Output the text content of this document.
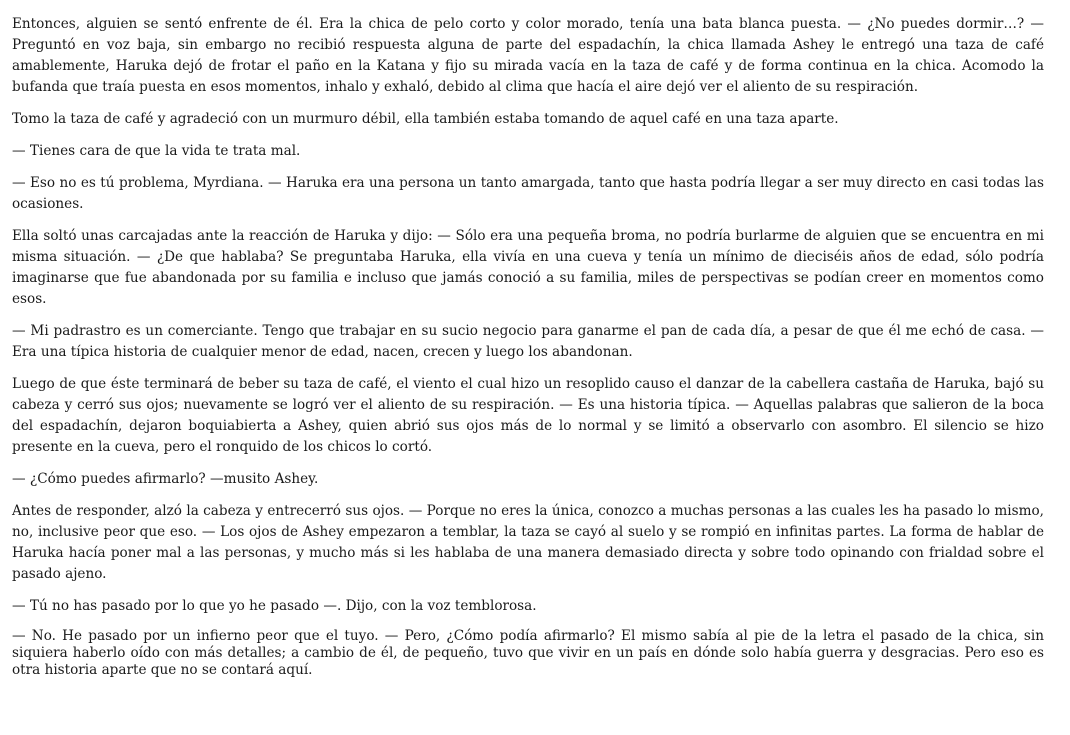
Entonces, alguien se sentó enfrente de él. Era la chica de pelo corto y color morado, tenía una bata blanca puesta. — ¿No puedes dormir…? — Preguntó en voz baja, sin embargo no recibió respuesta alguna de parte del espadachín, la chica llamada Ashey le entregó una taza de café amablemente, Haruka dejó de frotar el paño en la Katana y fijo su mirada vacía en la taza de café y de forma continua en la chica. Acomodo la bufanda que traía puesta en esos momentos, inhalo y exhaló, debido al clima que hacía el aire dejó ver el aliento de su respiración.

Tomo la taza de café y agradeció con un murmuro débil, ella también estaba tomando de aquel café en una taza aparte.

— Tienes cara de que la vida te trata mal.

— Eso no es tú problema, Myrdiana. — Haruka era una persona un tanto amargada, tanto que hasta podría llegar a ser muy directo en casi todas las ocasiones.

Ella soltó unas carcajadas ante la reacción de Haruka y dijo: — Sólo era una pequeña broma, no podría burlarme de alguien que se encuentra en mi misma situación. — ¿De que hablaba? Se preguntaba Haruka, ella vivía en una cueva y tenía un mínimo de dieciséis años de edad, sólo podría imaginarse que fue abandonada por su familia e incluso que jamás conoció a su familia, miles de perspectivas se podían creer en momentos como esos.

— Mi padrastro es un comerciante. Tengo que trabajar en su sucio negocio para ganarme el pan de cada día, a pesar de que él me echó de casa. — Era una típica historia de cualquier menor de edad, nacen, crecen y luego los abandonan.

Luego de que éste terminará de beber su taza de café, el viento el cual hizo un resoplido causo el danzar de la cabellera castaña de Haruka, bajó su cabeza y cerró sus ojos; nuevamente se logró ver el aliento de su respiración. — Es una historia típica. — Aquellas palabras que salieron de la boca del espadachín, dejaron boquiabierta a Ashey, quien abrió sus ojos más de lo normal y se limitó a observarlo con asombro. El silencio se hizo presente en la cueva, pero el ronquido de los chicos lo cortó.

— ¿Cómo puedes afirmarlo? —musito Ashey.

Antes de responder, alzó la cabeza y entrecerró sus ojos. — Porque no eres la única, conozco a muchas personas a las cuales les ha pasado lo mismo, no, inclusive peor que eso. — Los ojos de Ashey empezaron a temblar, la taza se cayó al suelo y se rompió en infinitas partes. La forma de hablar de Haruka hacía poner mal a las personas, y mucho más si les hablaba de una manera demasiado directa y sobre todo opinando con frialdad sobre el pasado ajeno.

— Tú no has pasado por lo que yo he pasado —. Dijo, con la voz temblorosa.

— No. He pasado por un infierno peor que el tuyo. — Pero, ¿Cómo podía afirmarlo? El mismo sabía al pie de la letra el pasado de la chica, sin siquiera haberlo oído con más detalles; a cambio de él, de pequeño, tuvo que vivir en un país en dónde solo había guerra y desgracias. Pero eso es otra historia aparte que no se contará aquí.
